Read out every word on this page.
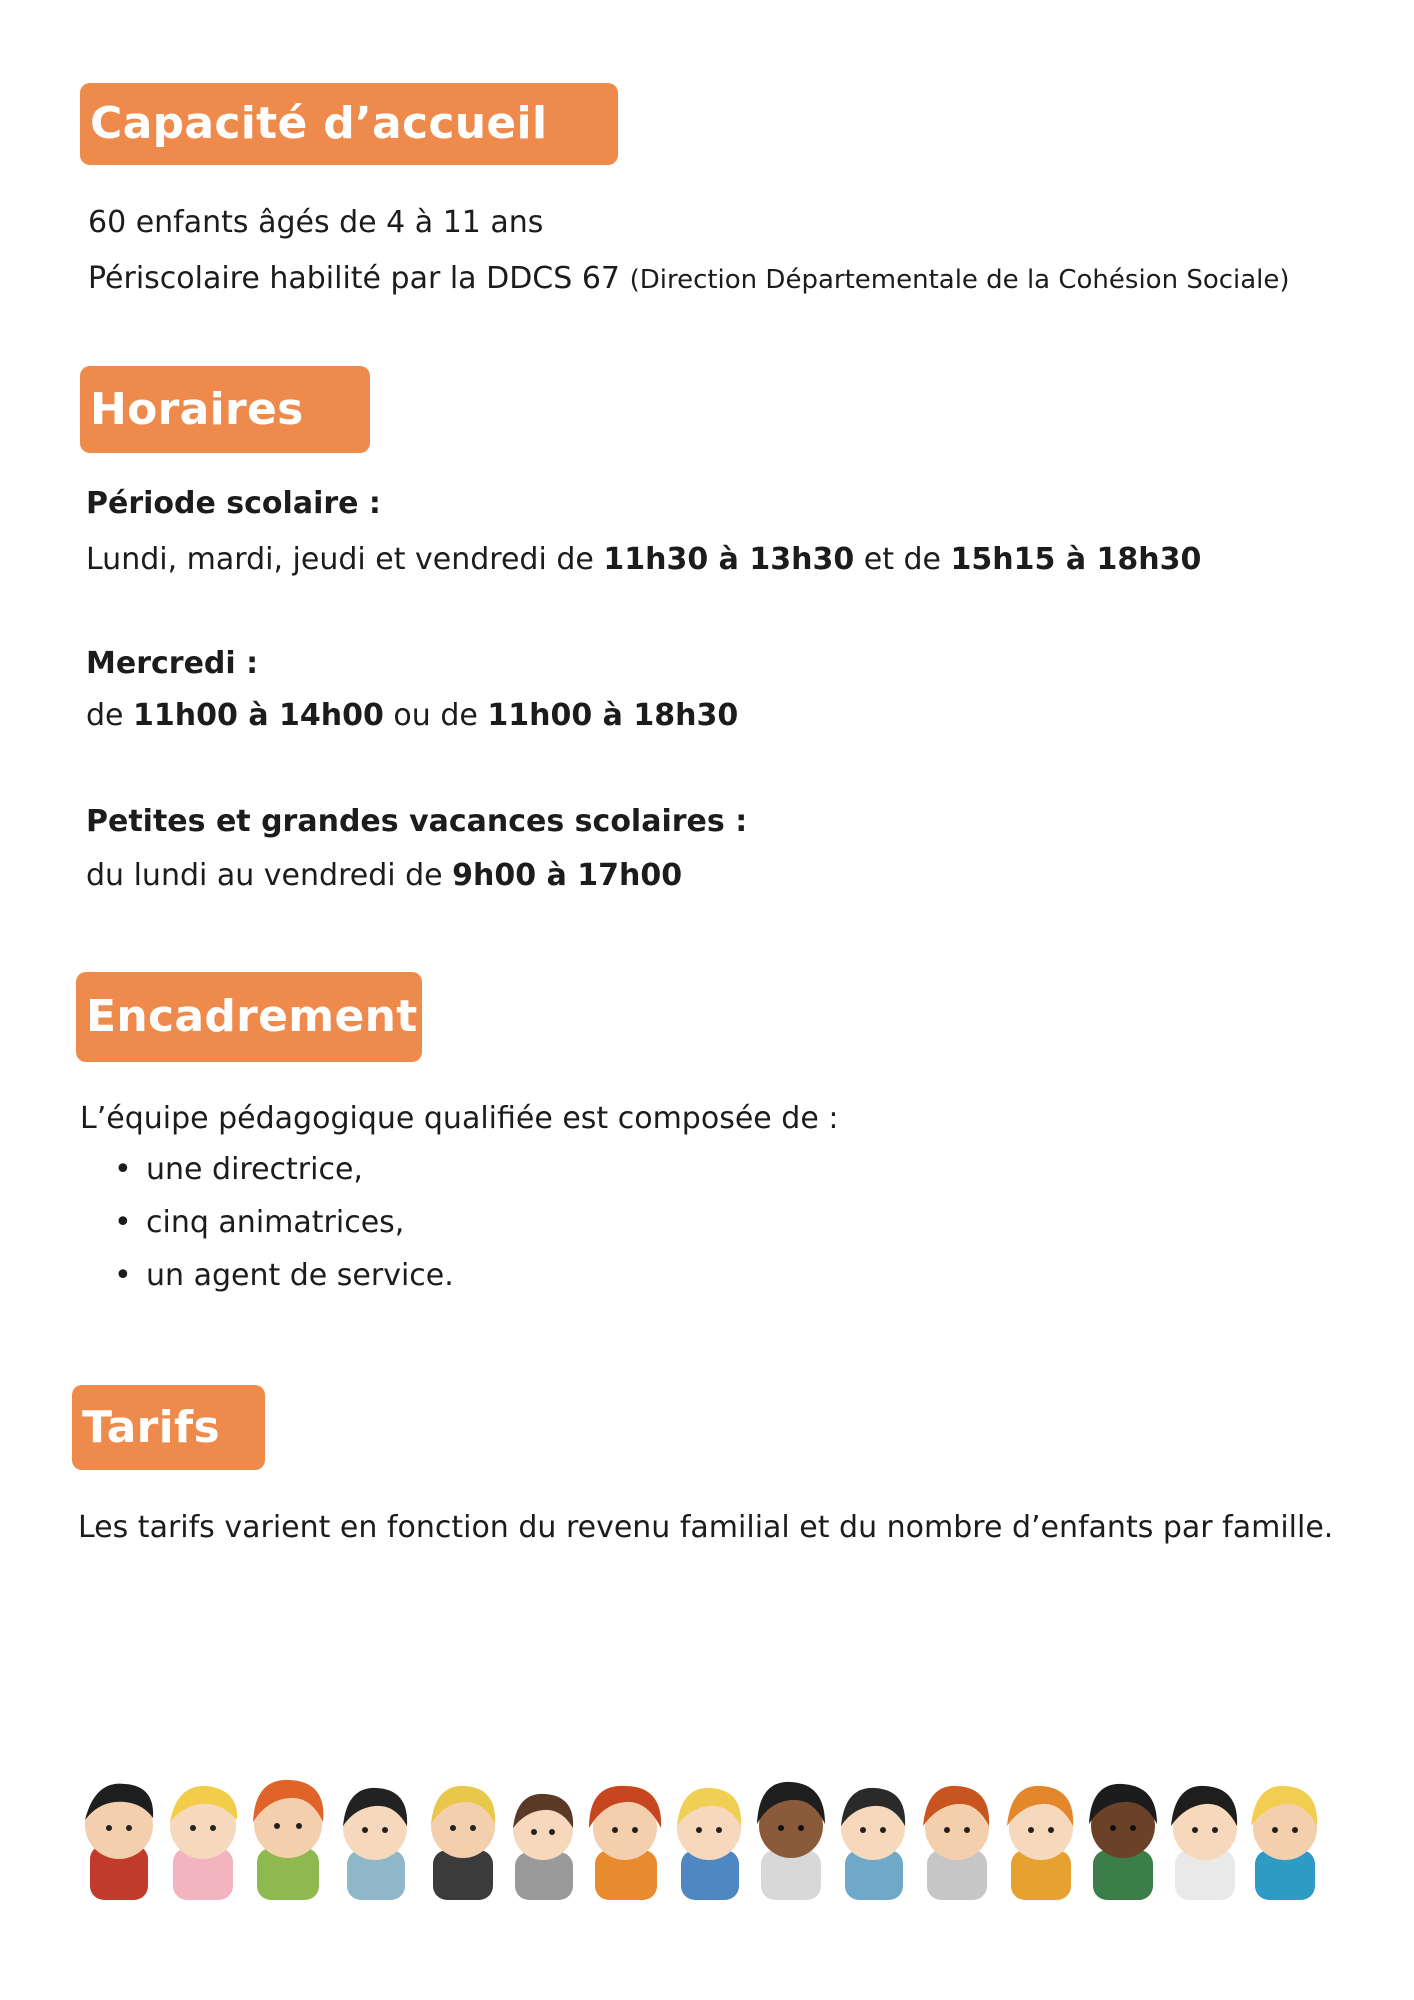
Capacité d’accueil
60 enfants âgés de 4 à 11 ans
Périscolaire habilité par la DDCS 67 (Direction Départementale de la Cohésion Sociale)
Horaires
Période scolaire :
Lundi, mardi, jeudi et vendredi de 11h30 à 13h30 et de 15h15 à 18h30
Mercredi :
de 11h00 à 14h00 ou de 11h00 à 18h30
Petites et grandes vacances scolaires :
du lundi au vendredi de 9h00 à 17h00
Encadrement
L’équipe pédagogique qualifiée est composée de :
• une directrice,
• cinq animatrices,
• un agent de service.
Tarifs
Les tarifs varient en fonction du revenu familial et du nombre d’enfants par famille.
